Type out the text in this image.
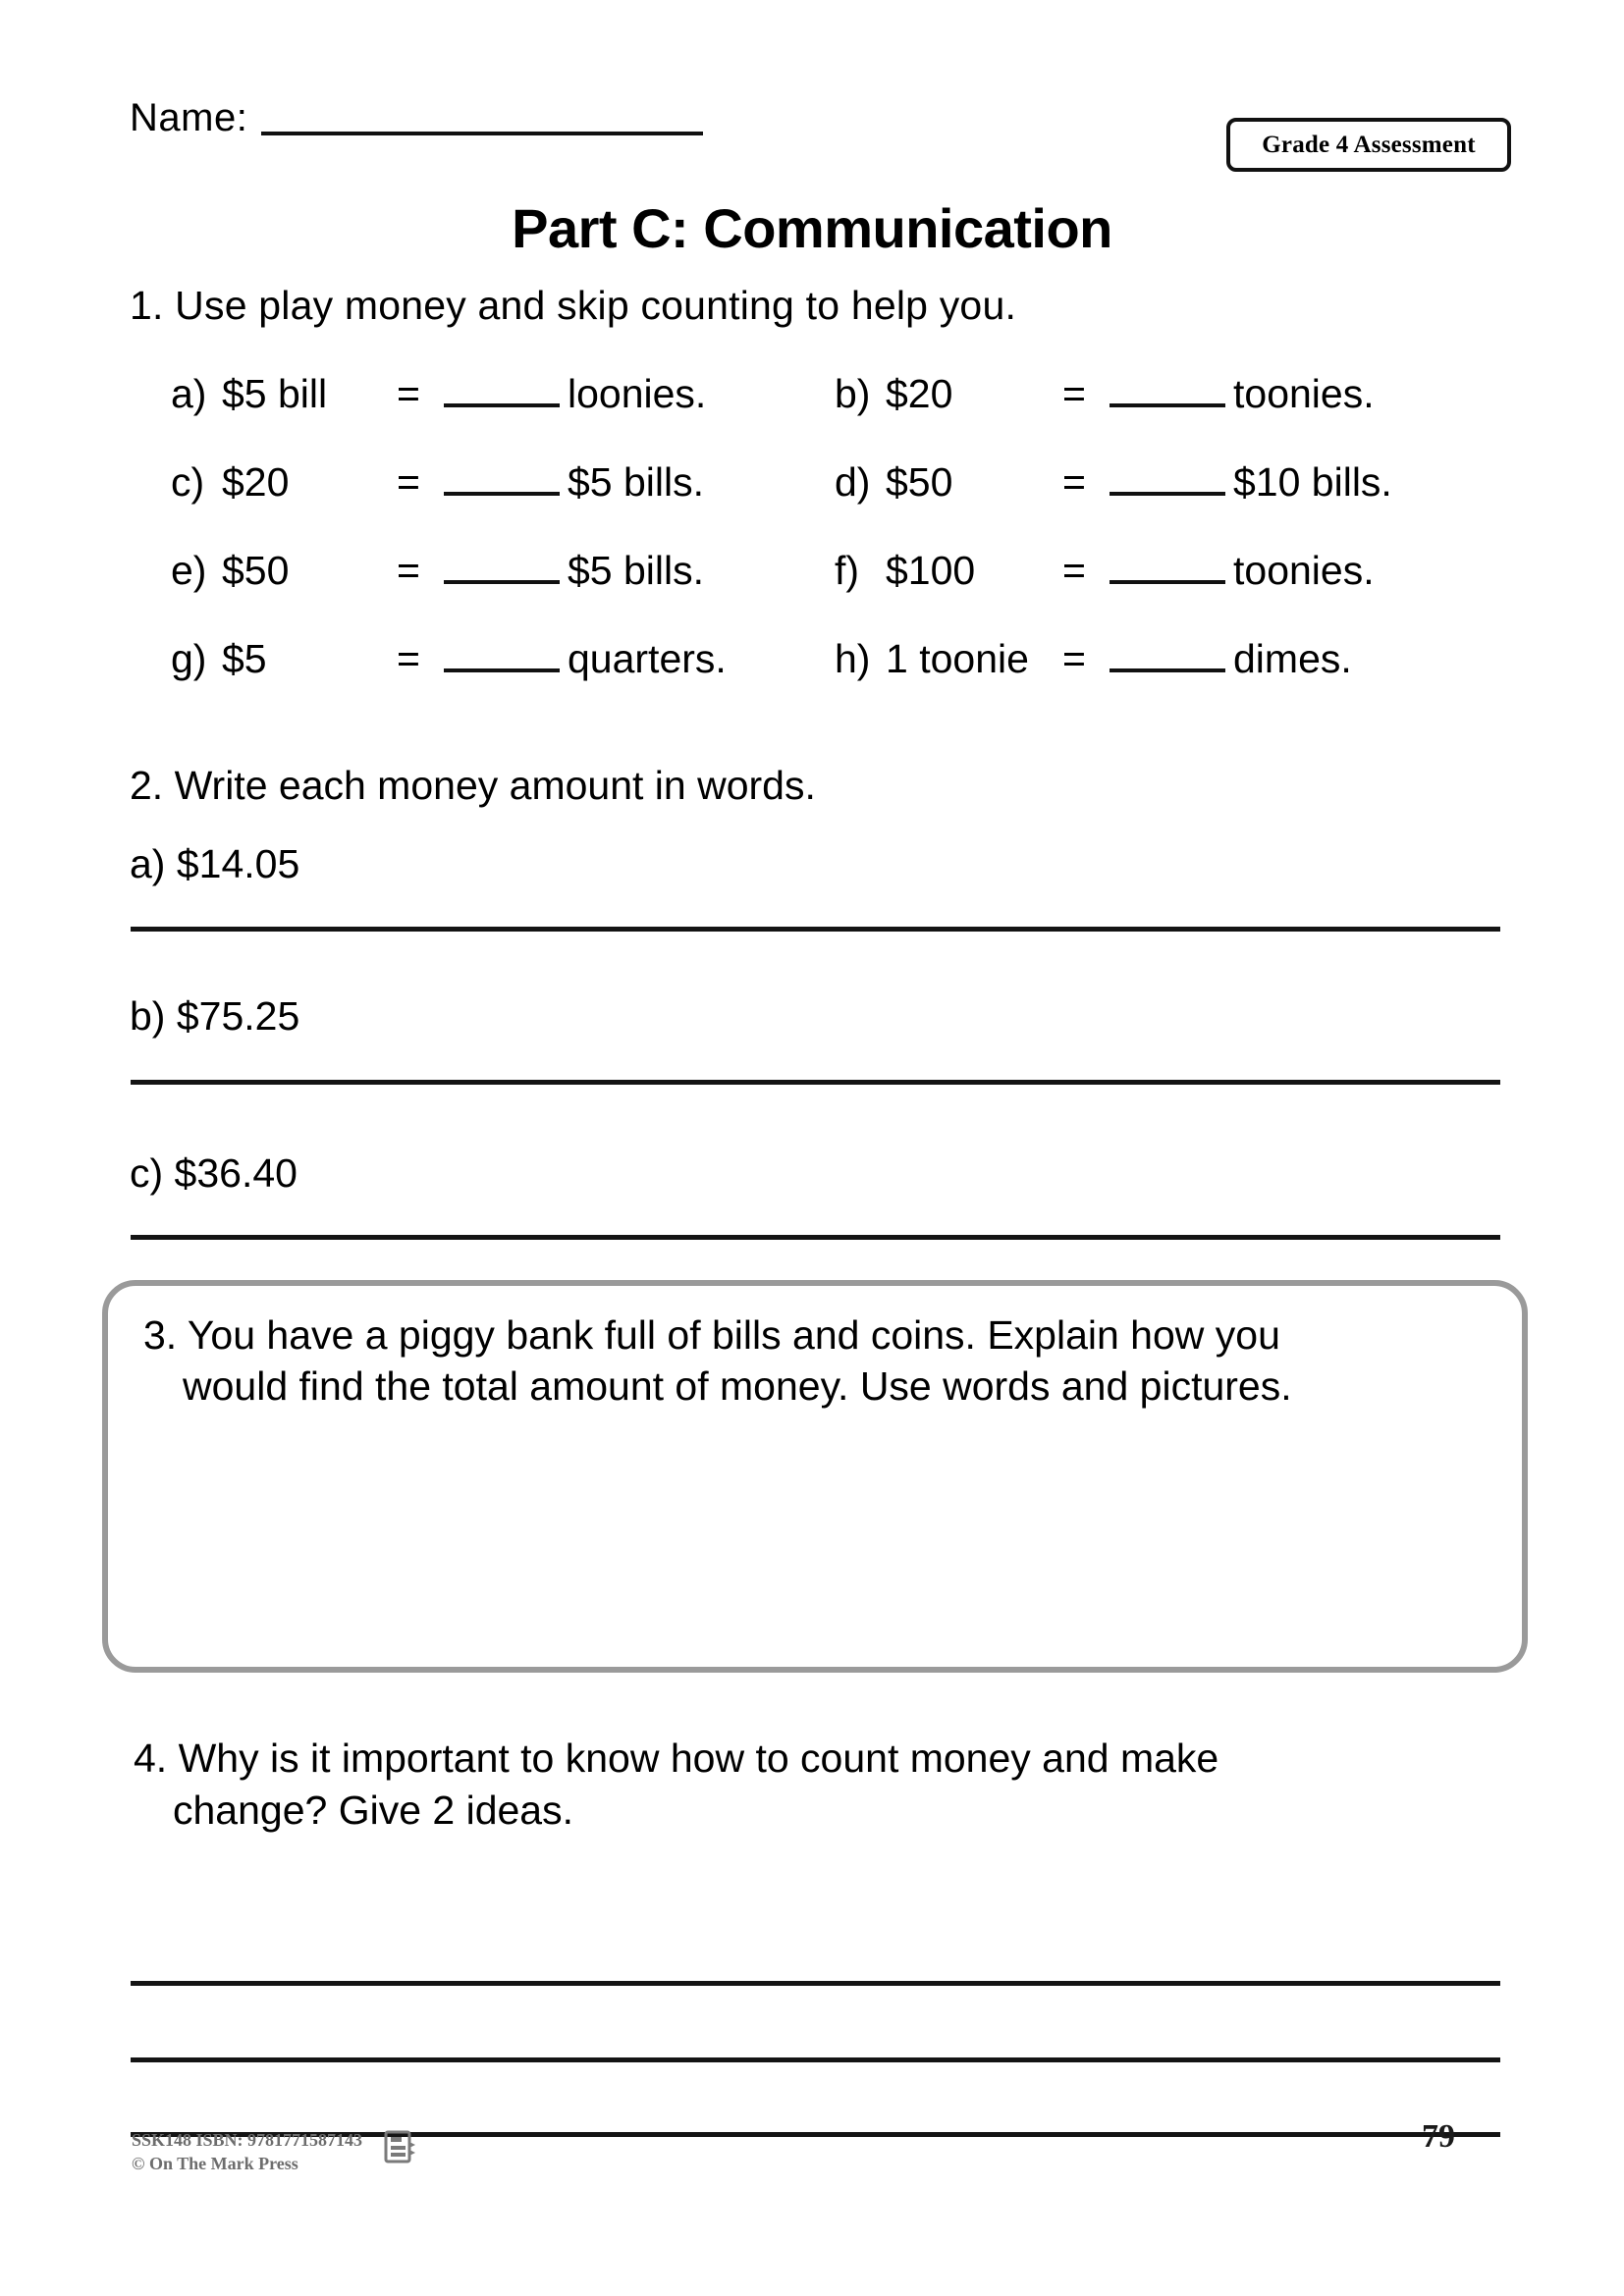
Name:
Grade 4 Assessment
Part C: Communication
1. Use play money and skip counting to help you.
a) $5 bill	=	loonies.	b) $20	=	toonies.
c) $20	=	$5 bills.	d) $50	=	$10 bills.
e) $50	=	$5 bills.	f) $100	=	toonies.
g) $5	=	quarters.	h) 1 toonie =	dimes.
2. Write each money amount in words.
a) $14.05
b) $75.25
c) $36.40
3. You have a piggy bank full of bills and coins. Explain how you
would find the total amount of money. Use words and pictures.
4. Why is it important to know how to count money and make
change? Give 2 ideas.
SSK148 ISBN: 9781771587143
© On The Mark Press
79
